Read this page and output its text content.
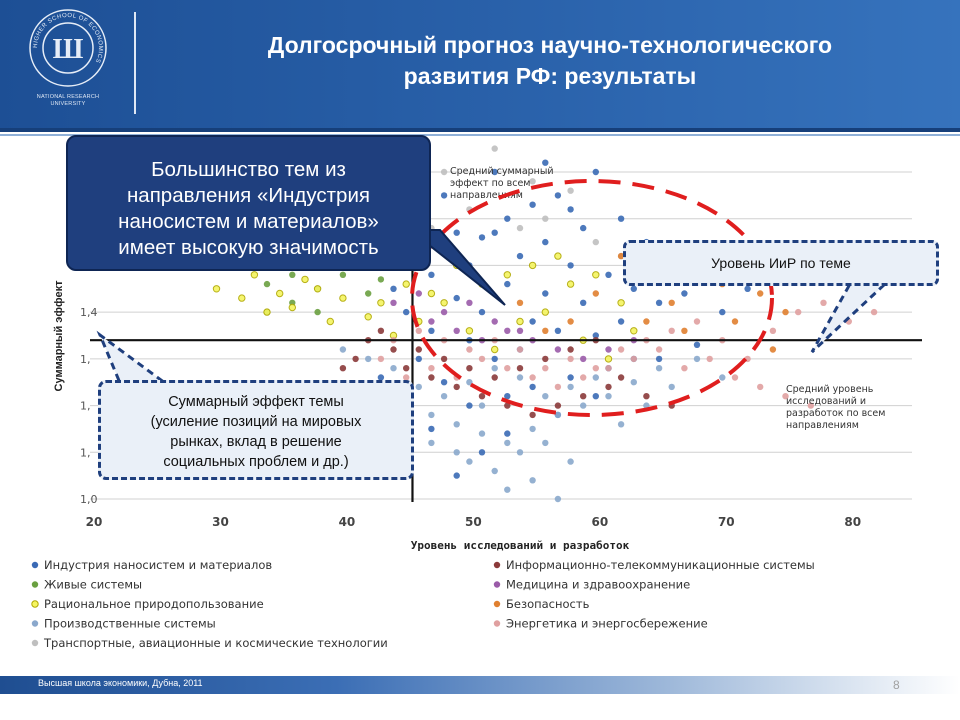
HIGHER SCHOOL OF ECONOMICS
Ш
NATIONAL RESEARCH
UNIVERSITY
Долгосрочный прогноз научно-технологического
развития РФ: результаты
20	30	40	50	60	70	80
1,0
1,
1,
1,
1,4
Уровень исследований и разработок
Суммарный эффект
Средний суммарный
эффект по всем
направлениям
Средний уровень
исследований и
разработок по всем
направлениям
Индустрия наносистем и материалов
Живые системы
Рациональное природопользование
Производственные системы
Транспортные, авиационные и космические технологии
Информационно-телекоммуникационные системы
Медицина и здравоохранение
Безопасность
Энергетика и энергосбережение
Большинство тем из
направления «Индустрия
наносистем и материалов»
имеет высокую значимость
Уровень ИиР по теме
Суммарный эффект темы
(усиление позиций на мировых
рынках, вклад в решение
социальных проблем и др.)
Высшая школа экономики, Дубна, 2011	8
